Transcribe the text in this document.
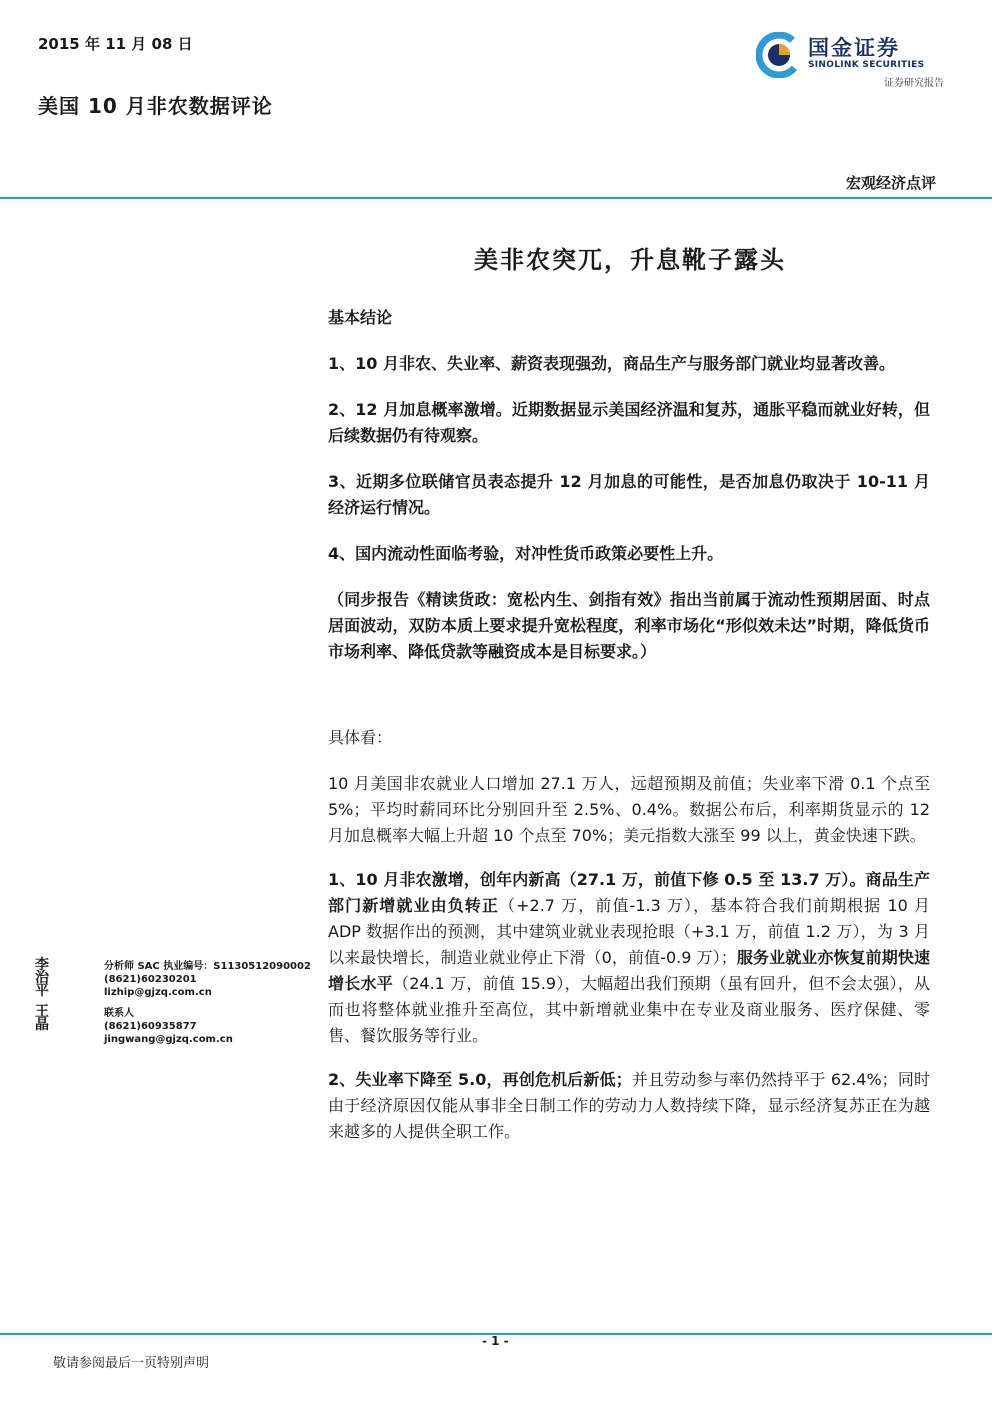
2015 年 11 月 08 日
美国 10 月非农数据评论
国金证券
SINOLINK SECURITIES
证券研究报告
宏观经济点评
美非农突兀，升息靴子露头

基本结论

1、10 月非农、失业率、薪资表现强劲，商品生产与服务部门就业均显著改善。

2、12 月加息概率激增。近期数据显示美国经济温和复苏，通胀平稳而就业好转，但后续数据仍有待观察。

3、近期多位联储官员表态提升 12 月加息的可能性，是否加息仍取决于 10-11 月经济运行情况。

4、国内流动性面临考验，对冲性货币政策必要性上升。

（同步报告《精读货政：宽松内生、剑指有效》指出当前属于流动性预期居面、时点居面波动，双防本质上要求提升宽松程度，利率市场化“形似效未达”时期，降低货币市场利率、降低贷款等融资成本是目标要求。）

具体看：

10 月美国非农就业人口增加 27.1 万人，远超预期及前值；失业率下滑 0.1 个点至 5%；平均时薪同环比分别回升至 2.5%、0.4%。数据公布后，利率期货显示的 12 月加息概率大幅上升超 10 个点至 70%；美元指数大涨至 99 以上，黄金快速下跌。

1、10 月非农激增，创年内新高（27.1 万，前值下修 0.5 至 13.7 万）。商品生产部门新增就业由负转正（+2.7 万，前值-1.3 万），基本符合我们前期根据 10 月 ADP 数据作出的预测，其中建筑业就业表现抢眼（+3.1 万，前值 1.2 万），为 3 月以来最快增长，制造业就业停止下滑（0，前值-0.9 万）；服务业就业亦恢复前期快速增长水平（24.1 万，前值 15.9），大幅超出我们预期（虽有回升，但不会太强），从而也将整体就业推升至高位，其中新增就业集中在专业及商业服务、医疗保健、零售、餐饮服务等行业。

2、失业率下降至 5.0，再创危机后新低；并且劳动参与率仍然持平于 62.4%；同时由于经济原因仅能从事非全日制工作的劳动力人数持续下降，显示经济复苏正在为越来越多的人提供全职工作。

李治平
分析师 SAC 执业编号：S1130512090002
(8621)60230201
lizhip@gjzq.com.cn
王晶
联系人
(8621)60935877
jingwang@gjzq.com.cn
- 1 -
敬请参阅最后一页特别声明
